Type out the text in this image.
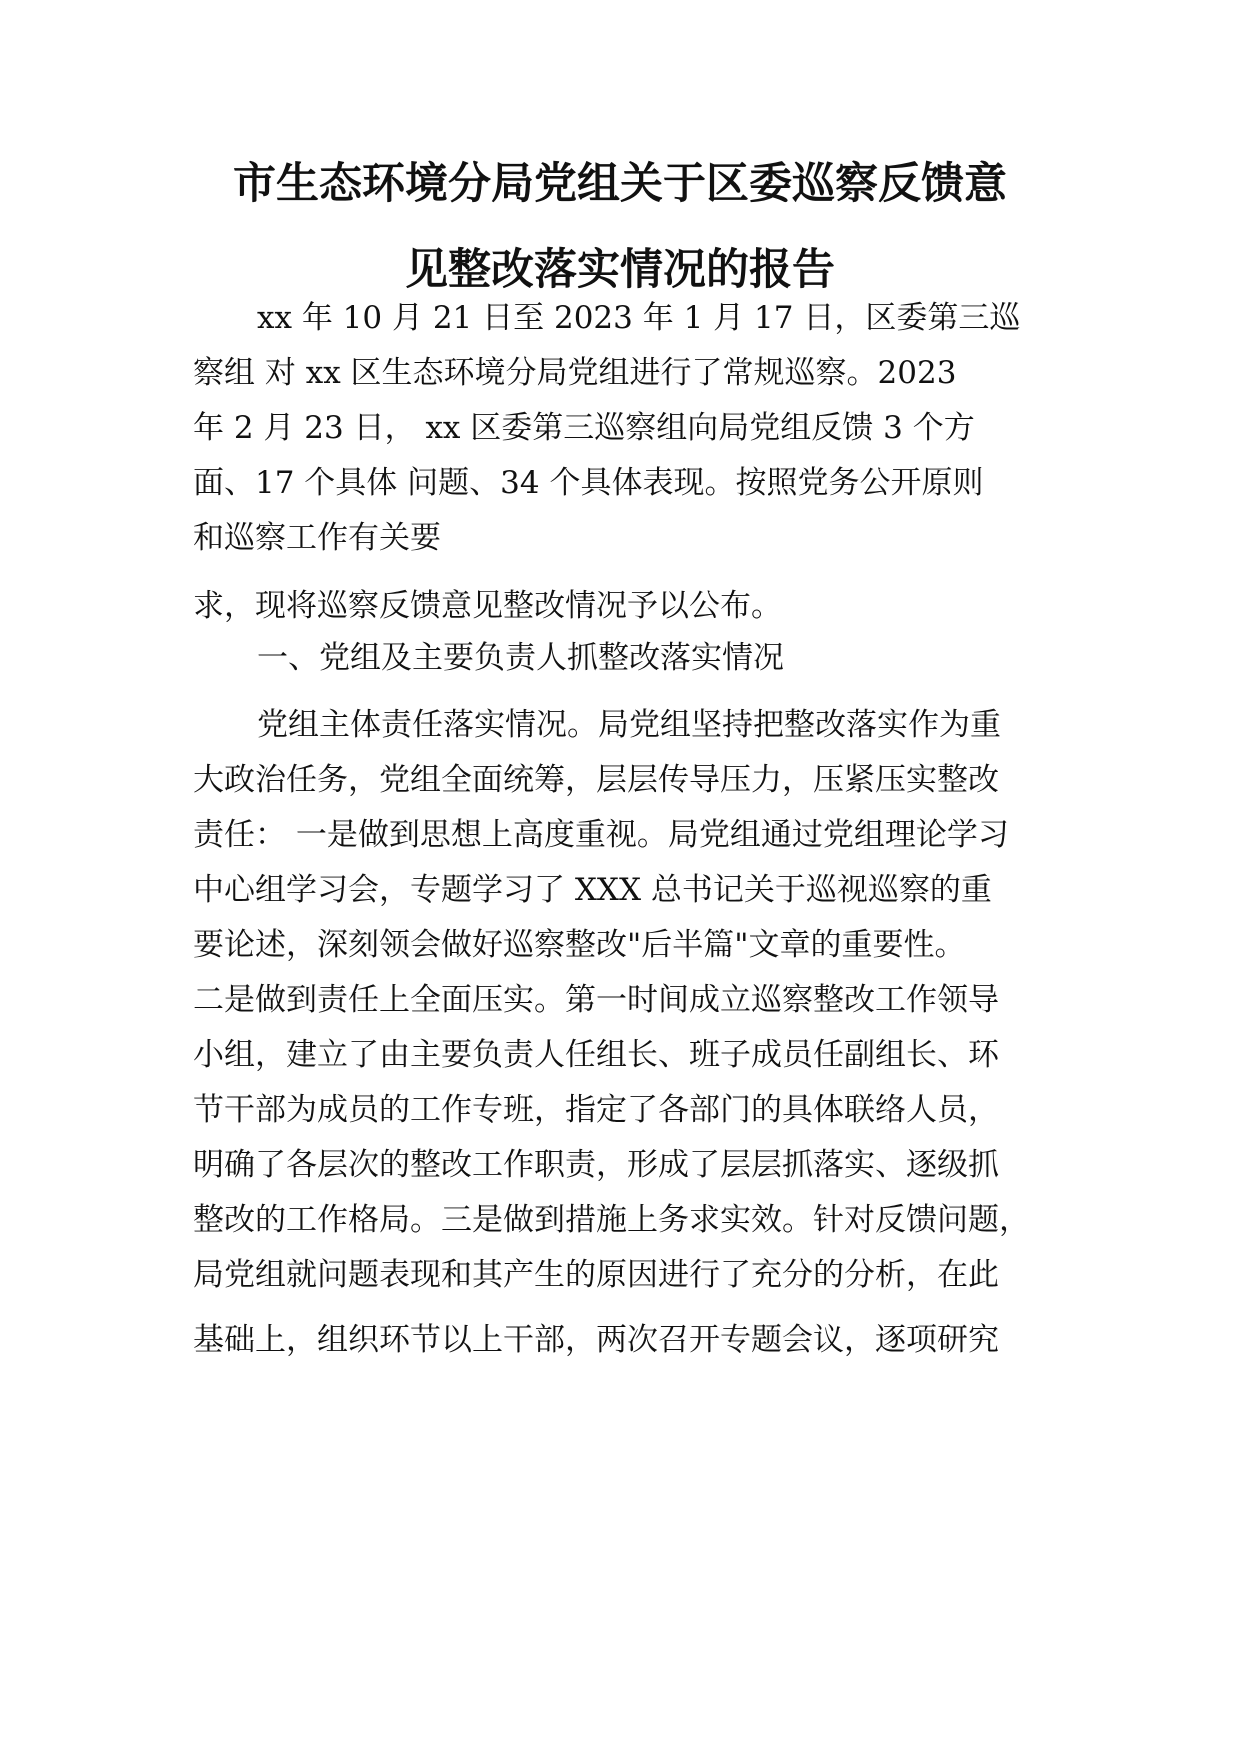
市生态环境分局党组关于区委巡察反馈意
见整改落实情况的报告

xx 年 10 月 21 日至 2023 年 1 月 17 日，区委第三巡

察组 对 xx 区生态环境分局党组进行了常规巡察。2023

年 2 月 23 日， xx 区委第三巡察组向局党组反馈 3 个方

面、17 个具体 问题、34 个具体表现。按照党务公开原则

和巡察工作有关要

求，现将巡察反馈意见整改情况予以公布。

一、党组及主要负责人抓整改落实情况

党组主体责任落实情况。局党组坚持把整改落实作为重

大政治任务，党组全面统筹，层层传导压力，压紧压实整改

责任： 一是做到思想上高度重视。局党组通过党组理论学习

中心组学习会，专题学习了 XXX 总书记关于巡视巡察的重

要论述，深刻领会做好巡察整改"后半篇"文章的重要性。

二是做到责任上全面压实。第一时间成立巡察整改工作领导

小组，建立了由主要负责人任组长、班子成员任副组长、环

节干部为成员的工作专班，指定了各部门的具体联络人员，

明确了各层次的整改工作职责，形成了层层抓落实、逐级抓

整改的工作格局。三是做到措施上务求实效。针对反馈问题，

局党组就问题表现和其产生的原因进行了充分的分析，在此

基础上，组织环节以上干部，两次召开专题会议，逐项研究
